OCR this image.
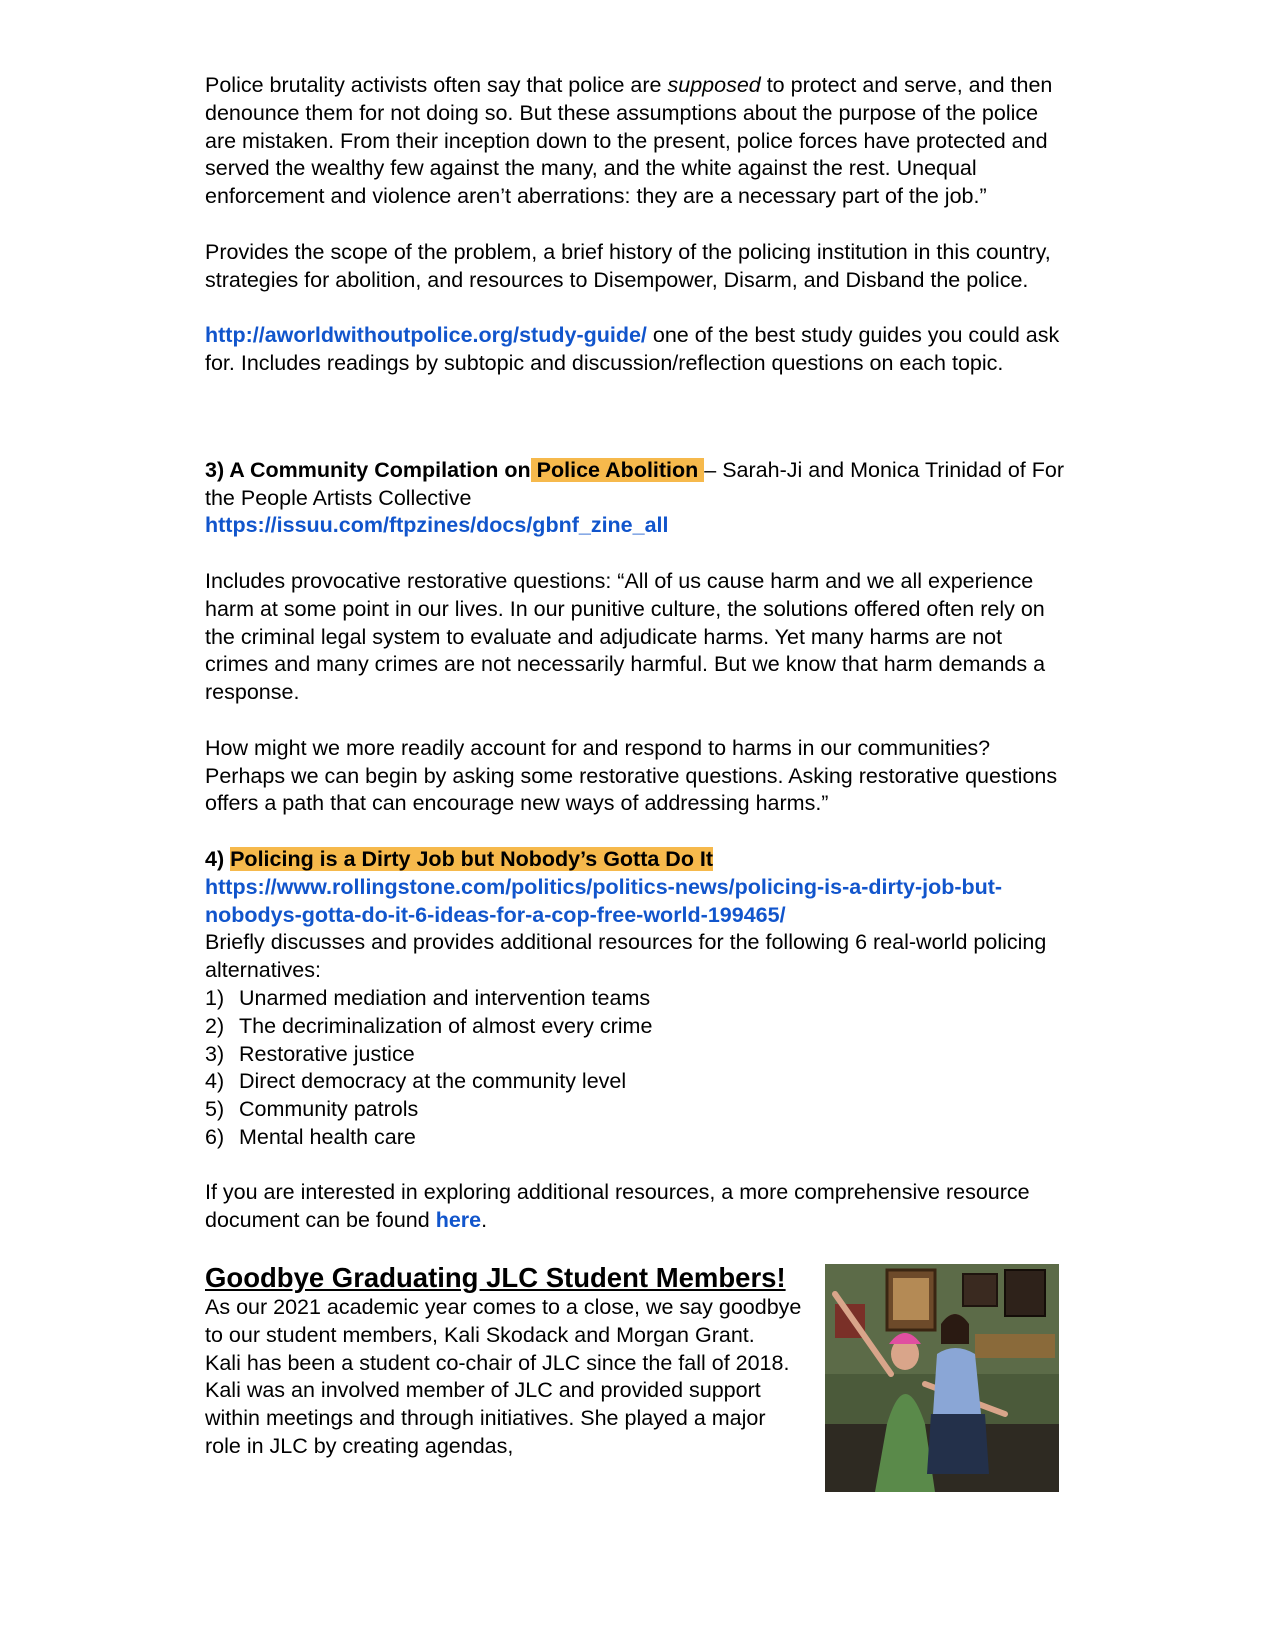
Police brutality activists often say that police are supposed to protect and serve, and then denounce them for not doing so. But these assumptions about the purpose of the police are mistaken. From their inception down to the present, police forces have protected and served the wealthy few against the many, and the white against the rest. Unequal enforcement and violence aren’t aberrations: they are a necessary part of the job.”

Provides the scope of the problem, a brief history of the policing institution in this country, strategies for abolition, and resources to Disempower, Disarm, and Disband the police.

http://aworldwithoutpolice.org/study-guide/ one of the best study guides you could ask for. Includes readings by subtopic and discussion/reflection questions on each topic.

3) A Community Compilation on Police Abolition – Sarah-Ji and Monica Trinidad of For the People Artists Collective

https://issuu.com/ftpzines/docs/gbnf_zine_all

Includes provocative restorative questions: “All of us cause harm and we all experience harm at some point in our lives. In our punitive culture, the solutions offered often rely on the criminal legal system to evaluate and adjudicate harms. Yet many harms are not crimes and many crimes are not necessarily harmful. But we know that harm demands a response.

How might we more readily account for and respond to harms in our communities? Perhaps we can begin by asking some restorative questions. Asking restorative questions offers a path that can encourage new ways of addressing harms.”

4) Policing is a Dirty Job but Nobody’s Gotta Do It

https://www.rollingstone.com/politics/politics-news/policing-is-a-dirty-job-but-nobodys-gotta-do-it-6-ideas-for-a-cop-free-world-199465/

Briefly discusses and provides additional resources for the following 6 real-world policing alternatives:

1) Unarmed mediation and intervention teams
2) The decriminalization of almost every crime
3) Restorative justice
4) Direct democracy at the community level
5) Community patrols
6) Mental health care

If you are interested in exploring additional resources, a more comprehensive resource document can be found here.

Goodbye Graduating JLC Student Members!

As our 2021 academic year comes to a close, we say goodbye to our student members, Kali Skodack and Morgan Grant.

Kali has been a student co-chair of JLC since the fall of 2018. Kali was an involved member of JLC and provided support within meetings and through initiatives. She played a major role in JLC by creating agendas,
